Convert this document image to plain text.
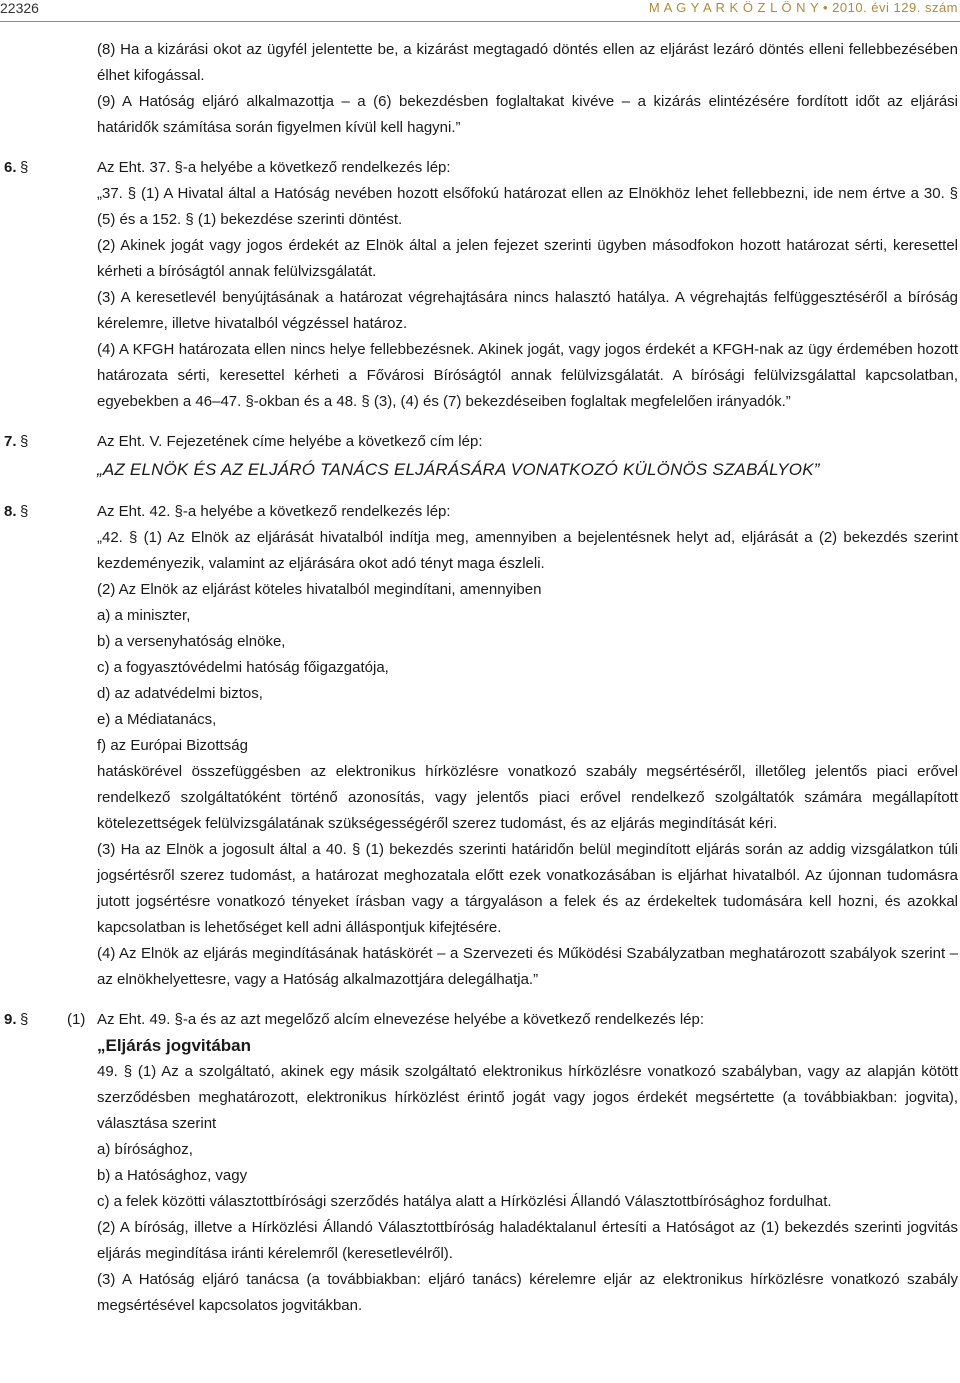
22326	M A G Y A R K Ö Z L Ö N Y • 2010. évi 129. szám

(8) Ha a kizárási okot az ügyfél jelentette be, a kizárást megtagadó döntés ellen az eljárást lezáró döntés elleni fellebbezésében élhet kifogással.

(9) A Hatóság eljáró alkalmazottja – a (6) bekezdésben foglaltakat kivéve – a kizárás elintézésére fordított időt az eljárási határidők számítása során figyelmen kívül kell hagyni.”

6. §	Az Eht. 37. §-a helyébe a következő rendelkezés lép:

„37. § (1) A Hivatal által a Hatóság nevében hozott elsőfokú határozat ellen az Elnökhöz lehet fellebbezni, ide nem értve a 30. § (5) és a 152. § (1) bekezdése szerinti döntést.

(2) Akinek jogát vagy jogos érdekét az Elnök által a jelen fejezet szerinti ügyben másodfokon hozott határozat sérti, keresettel kérheti a bíróságtól annak felülvizsgálatát.

(3) A keresetlevél benyújtásának a határozat végrehajtására nincs halasztó hatálya. A végrehajtás felfüggesztéséről a bíróság kérelemre, illetve hivatalból végzéssel határoz.

(4) A KFGH határozata ellen nincs helye fellebbezésnek. Akinek jogát, vagy jogos érdekét a KFGH-nak az ügy érdemében hozott határozata sérti, keresettel kérheti a Fővárosi Bíróságtól annak felülvizsgálatát. A bírósági felülvizsgálattal kapcsolatban, egyebekben a 46–47. §-okban és a 48. § (3), (4) és (7) bekezdéseiben foglaltak megfelelően irányadók.”

7. §	Az Eht. V. Fejezetének címe helyébe a következő cím lép:
„AZ ELNÖK ÉS AZ ELJÁRÓ TANÁCS ELJÁRÁSÁRA VONATKOZÓ KÜLÖNÖS SZABÁLYOK”
8. §	Az Eht. 42. §-a helyébe a következő rendelkezés lép:

„42. § (1) Az Elnök az eljárását hivatalból indítja meg, amennyiben a bejelentésnek helyt ad, eljárását a (2) bekezdés szerint kezdeményezik, valamint az eljárására okot adó tényt maga észleli.

(2) Az Elnök az eljárást köteles hivatalból megindítani, amennyiben

a) a miniszter,

b) a versenyhatóság elnöke,

c) a fogyasztóvédelmi hatóság főigazgatója,

d) az adatvédelmi biztos,

e) a Médiatanács,

f) az Európai Bizottság

hatáskörével összefüggésben az elektronikus hírközlésre vonatkozó szabály megsértéséről, illetőleg jelentős piaci erővel rendelkező szolgáltatóként történő azonosítás, vagy jelentős piaci erővel rendelkező szolgáltatók számára megállapított kötelezettségek felülvizsgálatának szükségességéről szerez tudomást, és az eljárás megindítását kéri.

(3) Ha az Elnök a jogosult által a 40. § (1) bekezdés szerinti határidőn belül megindított eljárás során az addig vizsgálatkon túli jogsértésről szerez tudomást, a határozat meghozatala előtt ezek vonatkozásában is eljárhat hivatalból. Az újonnan tudomásra jutott jogsértésre vonatkozó tényeket írásban vagy a tárgyaláson a felek és az érdekeltek tudomására kell hozni, és azokkal kapcsolatban is lehetőséget kell adni álláspontjuk kifejtésére.

(4) Az Elnök az eljárás megindításának hatáskörét – a Szervezeti és Működési Szabályzatban meghatározott szabályok szerint – az elnökhelyettesre, vagy a Hatóság alkalmazottjára delegálhatja.”

9. §	(1) Az Eht. 49. §-a és az azt megelőző alcím elnevezése helyébe a következő rendelkezés lép:
„Eljárás jogvitában

49. § (1) Az a szolgáltató, akinek egy másik szolgáltató elektronikus hírközlésre vonatkozó szabályban, vagy az alapján kötött szerződésben meghatározott, elektronikus hírközlést érintő jogát vagy jogos érdekét megsértette (a továbbiakban: jogvita), választása szerint

a) bírósághoz,

b) a Hatósághoz, vagy

c) a felek közötti választottbírósági szerződés hatálya alatt a Hírközlési Állandó Választottbírósághoz fordulhat.

(2) A bíróság, illetve a Hírközlési Állandó Választottbíróság haladéktalanul értesíti a Hatóságot az (1) bekezdés szerinti jogvitás eljárás megindítása iránti kérelemről (keresetlevélről).

(3) A Hatóság eljáró tanácsa (a továbbiakban: eljáró tanács) kérelemre eljár az elektronikus hírközlésre vonatkozó szabály megsértésével kapcsolatos jogvitákban.
